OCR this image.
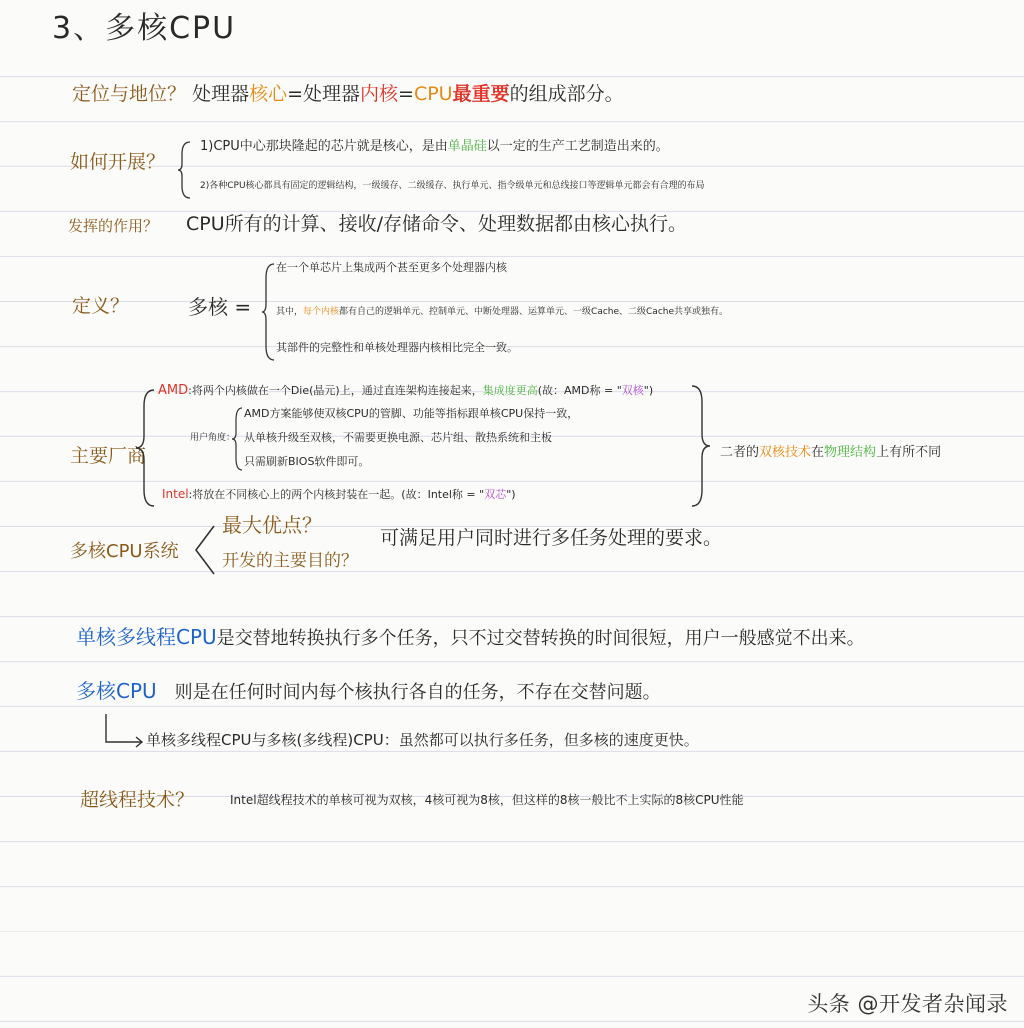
3、多核CPU
定位与地位？ 处理器核心=处理器内核=CPU最重要的组成部分。
如何开展？
1)CPU中心那块隆起的芯片就是核心，是由单晶硅以一定的生产工艺制造出来的。
2)各种CPU核心都具有固定的逻辑结构，一级缓存、二级缓存、执行单元、指令级单元和总线接口等逻辑单元都会有合理的布局
发挥的作用？ CPU所有的计算、接收/存储命令、处理数据都由核心执行。
定义？	多核 =
在一个单芯片上集成两个甚至更多个处理器内核
其中，每个内核都有自己的逻辑单元、控制单元、中断处理器、运算单元、一级Cache、二级Cache共享或独有。
其部件的完整性和单核处理器内核相比完全一致。
主要厂商
AMD:将两个内核做在一个Die(晶元)上，通过直连架构连接起来，集成度更高(故：AMD称 = "双核")
用户角度：
AMD方案能够使双核CPU的管脚、功能等指标跟单核CPU保持一致，
从单核升级至双核，不需要更换电源、芯片组、散热系统和主板
只需刷新BIOS软件即可。
Intel:将放在不同核心上的两个内核封装在一起。(故：Intel称 = "双芯")
二者的双核技术在物理结构上有所不同
多核CPU系统
最大优点？
开发的主要目的？
可满足用户同时进行多任务处理的要求。
单核多线程CPU是交替地转换执行多个任务，只不过交替转换的时间很短，用户一般感觉不出来。
多核CPU 则是在任何时间内每个核执行各自的任务，不存在交替问题。
单核多线程CPU与多核(多线程)CPU：虽然都可以执行多任务，但多核的速度更快。
超线程技术？	Intel超线程技术的单核可视为双核，4核可视为8核，但这样的8核一般比不上实际的8核CPU性能
头条 @开发者杂闻录
